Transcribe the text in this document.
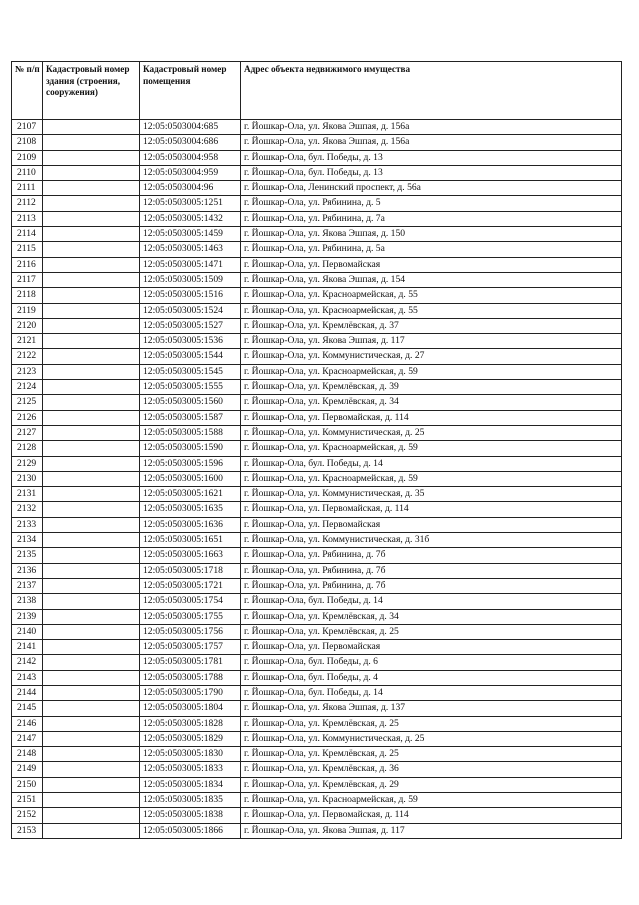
№ п/п	Кадастровый номер здания (строения, сооружения)	Кадастровый номер помещения	Адрес объекта недвижимого имущества
2107		12:05:0503004:685	г. Йошкар-Ола, ул. Якова Эшпая, д. 156а
2108		12:05:0503004:686	г. Йошкар-Ола, ул. Якова Эшпая, д. 156а
2109		12:05:0503004:958	г. Йошкар-Ола, бул. Победы, д. 13
2110		12:05:0503004:959	г. Йошкар-Ола, бул. Победы, д. 13
2111		12:05:0503004:96	г. Йошкар-Ола, Ленинский проспект, д. 56а
2112		12:05:0503005:1251	г. Йошкар-Ола, ул. Рябинина, д. 5
2113		12:05:0503005:1432	г. Йошкар-Ола, ул. Рябинина, д. 7а
2114		12:05:0503005:1459	г. Йошкар-Ола, ул. Якова Эшпая, д. 150
2115		12:05:0503005:1463	г. Йошкар-Ола, ул. Рябинина, д. 5а
2116		12:05:0503005:1471	г. Йошкар-Ола, ул. Первомайская
2117		12:05:0503005:1509	г. Йошкар-Ола, ул. Якова Эшпая, д. 154
2118		12:05:0503005:1516	г. Йошкар-Ола, ул. Красноармейская, д. 55
2119		12:05:0503005:1524	г. Йошкар-Ола, ул. Красноармейская, д. 55
2120		12:05:0503005:1527	г. Йошкар-Ола, ул. Кремлёвская, д. 37
2121		12:05:0503005:1536	г. Йошкар-Ола, ул. Якова Эшпая, д. 117
2122		12:05:0503005:1544	г. Йошкар-Ола, ул. Коммунистическая, д. 27
2123		12:05:0503005:1545	г. Йошкар-Ола, ул. Красноармейская, д. 59
2124		12:05:0503005:1555	г. Йошкар-Ола, ул. Кремлёвская, д. 39
2125		12:05:0503005:1560	г. Йошкар-Ола, ул. Кремлёвская, д. 34
2126		12:05:0503005:1587	г. Йошкар-Ола, ул. Первомайская, д. 114
2127		12:05:0503005:1588	г. Йошкар-Ола, ул. Коммунистическая, д. 25
2128		12:05:0503005:1590	г. Йошкар-Ола, ул. Красноармейская, д. 59
2129		12:05:0503005:1596	г. Йошкар-Ола, бул. Победы, д. 14
2130		12:05:0503005:1600	г. Йошкар-Ола, ул. Красноармейская, д. 59
2131		12:05:0503005:1621	г. Йошкар-Ола, ул. Коммунистическая, д. 35
2132		12:05:0503005:1635	г. Йошкар-Ола, ул. Первомайская, д. 114
2133		12:05:0503005:1636	г. Йошкар-Ола, ул. Первомайская
2134		12:05:0503005:1651	г. Йошкар-Ола, ул. Коммунистическая, д. 31б
2135		12:05:0503005:1663	г. Йошкар-Ола, ул. Рябинина, д. 7б
2136		12:05:0503005:1718	г. Йошкар-Ола, ул. Рябинина, д. 7б
2137		12:05:0503005:1721	г. Йошкар-Ола, ул. Рябинина, д. 7б
2138		12:05:0503005:1754	г. Йошкар-Ола, бул. Победы, д. 14
2139		12:05:0503005:1755	г. Йошкар-Ола, ул. Кремлёвская, д. 34
2140		12:05:0503005:1756	г. Йошкар-Ола, ул. Кремлёвская, д. 25
2141		12:05:0503005:1757	г. Йошкар-Ола, ул. Первомайская
2142		12:05:0503005:1781	г. Йошкар-Ола, бул. Победы, д. 6
2143		12:05:0503005:1788	г. Йошкар-Ола, бул. Победы, д. 4
2144		12:05:0503005:1790	г. Йошкар-Ола, бул. Победы, д. 14
2145		12:05:0503005:1804	г. Йошкар-Ола, ул. Якова Эшпая, д. 137
2146		12:05:0503005:1828	г. Йошкар-Ола, ул. Кремлёвская, д. 25
2147		12:05:0503005:1829	г. Йошкар-Ола, ул. Коммунистическая, д. 25
2148		12:05:0503005:1830	г. Йошкар-Ола, ул. Кремлёвская, д. 25
2149		12:05:0503005:1833	г. Йошкар-Ола, ул. Кремлёвская, д. 36
2150		12:05:0503005:1834	г. Йошкар-Ола, ул. Кремлёвская, д. 29
2151		12:05:0503005:1835	г. Йошкар-Ола, ул. Красноармейская, д. 59
2152		12:05:0503005:1838	г. Йошкар-Ола, ул. Первомайская, д. 114
2153		12:05:0503005:1866	г. Йошкар-Ола, ул. Якова Эшпая, д. 117
